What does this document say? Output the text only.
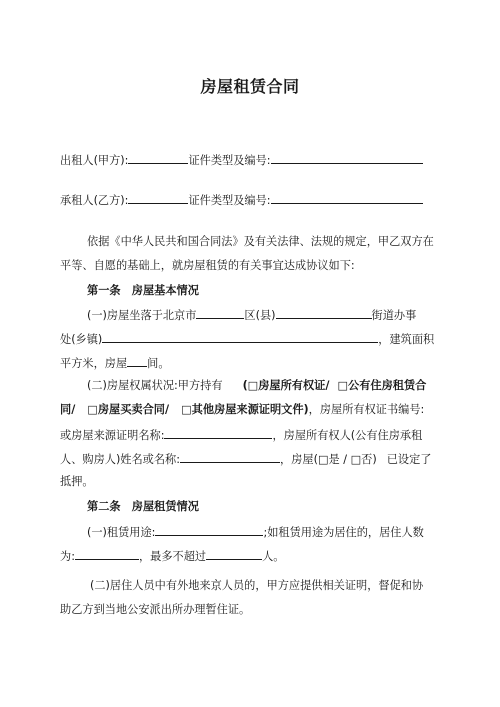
房屋租赁合同
出租人(甲方):	证件类型及编号:
承租人(乙方):	证件类型及编号:
依据《中华人民共和国合同法》及有关法律、法规的规定，甲乙双方在
平等、自愿的基础上，就房屋租赁的有关事宜达成协议如下:
第一条　房屋基本情况
(一)房屋坐落于北京市	区(县)	街道办事
处(乡镇)	，建筑面积
平方米，房屋 间。
(二)房屋权属状况:甲方持有 (□房屋所有权证/ □公有住房租赁合
同/ □房屋买卖合同/ □其他房屋来源证明文件)，房屋所有权证书编号:
或房屋来源证明名称:	，房屋所有权人(公有住房承租
人、购房人)姓名或名称:	，房屋(□是 / □否) 已设定了
抵押。
第二条　房屋租赁情况
(一)租赁用途:	;如租赁用途为居住的，居住人数
为:	，最多不超过	人。
(二)居住人员中有外地来京人员的，甲方应提供相关证明，督促和协
助乙方到当地公安派出所办理暂住证。
